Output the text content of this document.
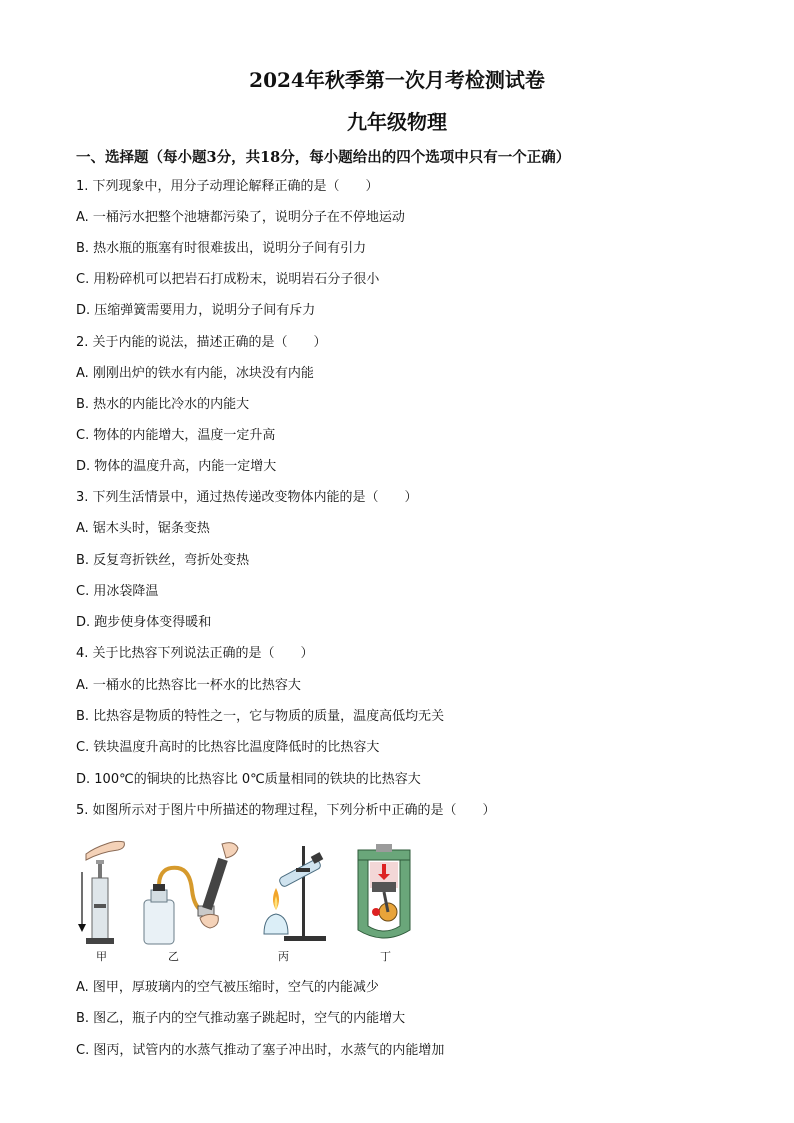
2024年秋季第一次月考检测试卷
九年级物理
一、选择题（每小题3分，共18分，每小题给出的四个选项中只有一个正确）
1. 下列现象中，用分子动理论解释正确的是（　　）
A. 一桶污水把整个池塘都污染了，说明分子在不停地运动
B. 热水瓶的瓶塞有时很难拔出，说明分子间有引力
C. 用粉碎机可以把岩石打成粉末，说明岩石分子很小
D. 压缩弹簧需要用力，说明分子间有斥力
2. 关于内能的说法，描述正确的是（　　）
A. 刚刚出炉的铁水有内能，冰块没有内能
B. 热水的内能比冷水的内能大
C. 物体的内能增大，温度一定升高
D. 物体的温度升高，内能一定增大
3. 下列生活情景中，通过热传递改变物体内能的是（　　）
A. 锯木头时，锯条变热
B. 反复弯折铁丝，弯折处变热
C. 用冰袋降温
D. 跑步使身体变得暖和
4. 关于比热容下列说法正确的是（　　）
A. 一桶水的比热容比一杯水的比热容大
B. 比热容是物质的特性之一，它与物质的质量，温度高低均无关
C. 铁块温度升高时的比热容比温度降低时的比热容大
D. 100℃的铜块的比热容比 0℃质量相同的铁块的比热容大
5. 如图所示对于图片中所描述的物理过程，下列分析中正确的是（　　）
甲	乙	丙	丁
A. 图甲，厚玻璃内的空气被压缩时，空气的内能减少
B. 图乙，瓶子内的空气推动塞子跳起时，空气的内能增大
C. 图丙，试管内的水蒸气推动了塞子冲出时，水蒸气的内能增加
